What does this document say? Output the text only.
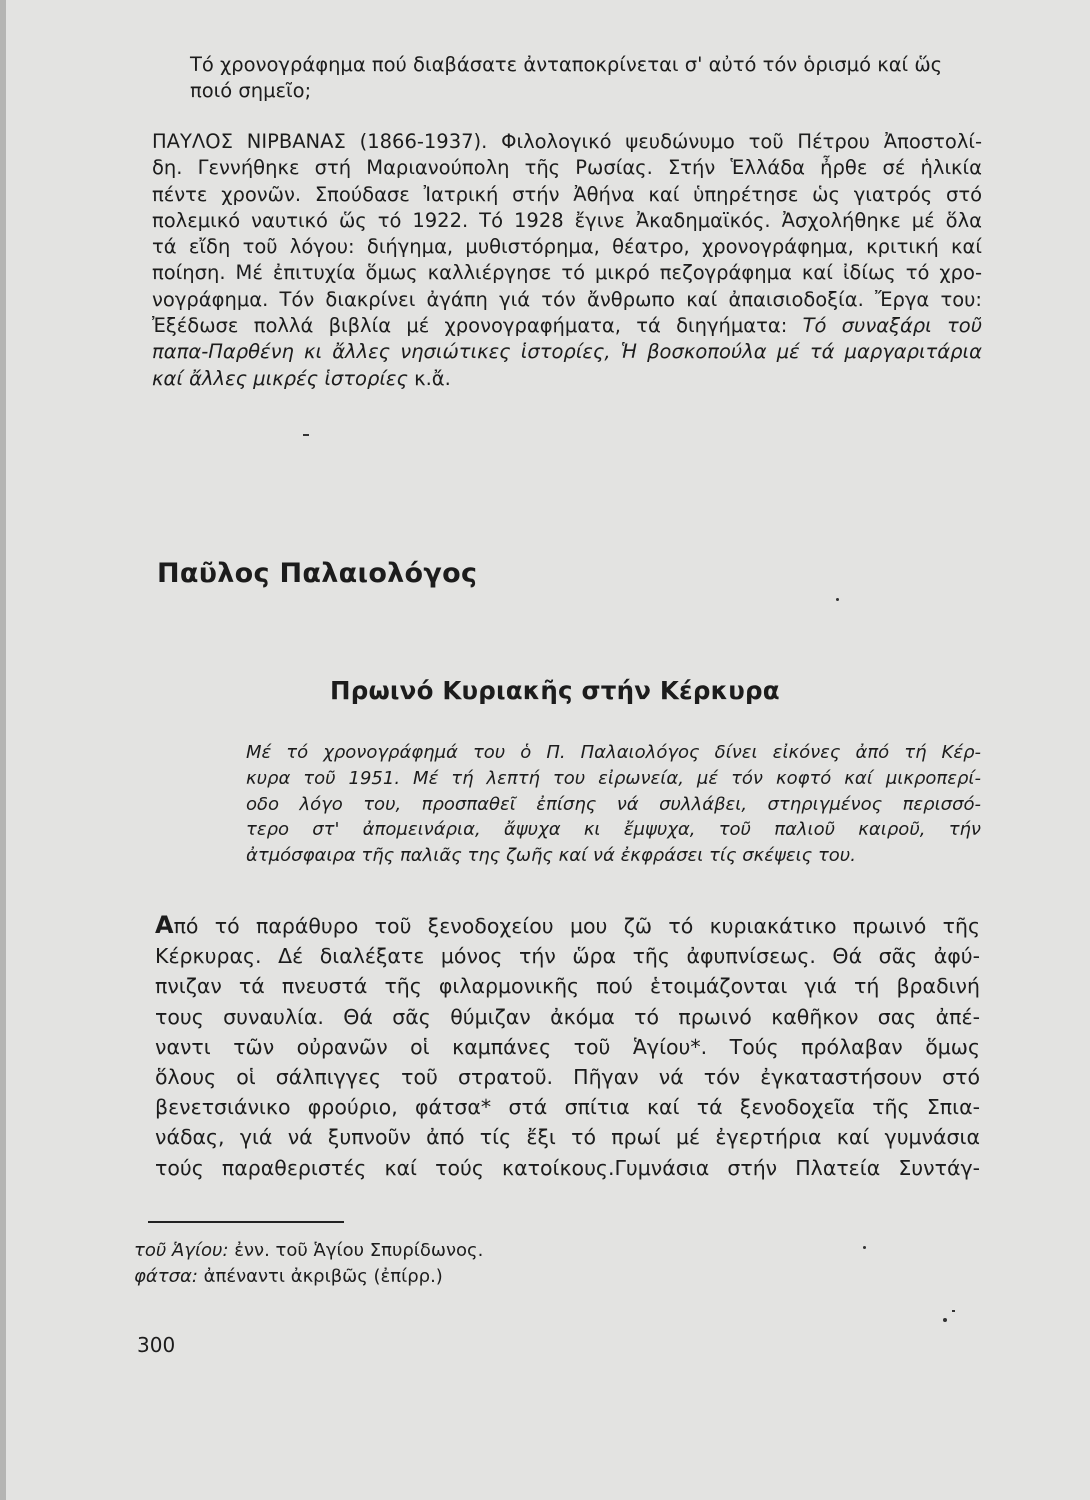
Τό χρονογράφημα πού διαβάσατε ἀνταποκρίνεται σ' αὐτό τόν ὁρισμό καί ὥς
ποιό σημεῖο;
ΠΑΥΛΟΣ ΝΙΡΒΑΝΑΣ (1866-1937). Φιλολογικό ψευδώνυμο τοῦ Πέτρου Ἀποστολί-
δη. Γεννήθηκε στή Μαριανούπολη τῆς Ρωσίας. Στήν Ἑλλάδα ἦρθε σέ ἡλικία
πέντε χρονῶν. Σπούδασε Ἰατρική στήν Ἀθήνα καί ὑπηρέτησε ὡς γιατρός στό
πολεμικό ναυτικό ὥς τό 1922. Τό 1928 ἔγινε Ἀκαδημαϊκός. Ἀσχολήθηκε μέ ὅλα
τά εἴδη τοῦ λόγου: διήγημα, μυθιστόρημα, θέατρο, χρονογράφημα, κριτική καί
ποίηση. Μέ ἐπιτυχία ὅμως καλλιέργησε τό μικρό πεζογράφημα καί ἰδίως τό χρο-
νογράφημα. Τόν διακρίνει ἀγάπη γιά τόν ἄνθρωπο καί ἀπαισιοδοξία. Ἔργα του:
Ἐξέδωσε πολλά βιβλία μέ χρονογραφήματα, τά διηγήματα: Τό συναξάρι τοῦ
παπα-Παρθένη κι ἄλλες νησιώτικες ἱστορίες, Ἡ βοσκοπούλα μέ τά μαργαριτάρια
καί ἄλλες μικρές ἱστορίες κ.ἄ.
Παῦλος Παλαιολόγος
Πρωινό Κυριακῆς στήν Κέρκυρα
Μέ τό χρονογράφημά του ὁ Π. Παλαιολόγος δίνει εἰκόνες ἀπό τή Κέρ-
κυρα τοῦ 1951. Μέ τή λεπτή του εἰρωνεία, μέ τόν κοφτό καί μικροπερί-
οδο λόγο του, προσπαθεῖ ἐπίσης νά συλλάβει, στηριγμένος περισσό-
τερο στ' ἀπομεινάρια, ἄψυχα κι ἔμψυχα, τοῦ παλιοῦ καιροῦ, τήν
ἀτμόσφαιρα τῆς παλιᾶς της ζωῆς καί νά ἐκφράσει τίς σκέψεις του.
Από τό παράθυρο τοῦ ξενοδοχείου μου ζῶ τό κυριακάτικο πρωινό τῆς
Κέρκυρας. Δέ διαλέξατε μόνος τήν ὥρα τῆς ἀφυπνίσεως. Θά σᾶς ἀφύ-
πνιζαν τά πνευστά τῆς φιλαρμονικῆς πού ἑτοιμάζονται γιά τή βραδινή
τους συναυλία. Θά σᾶς θύμιζαν ἀκόμα τό πρωινό καθῆκον σας ἀπέ-
ναντι τῶν οὐρανῶν οἱ καμπάνες τοῦ Ἁγίου*. Τούς πρόλαβαν ὅμως
ὅλους οἱ σάλπιγγες τοῦ στρατοῦ. Πῆγαν νά τόν ἐγκαταστήσουν στό
βενετσιάνικο φρούριο, φάτσα* στά σπίτια καί τά ξενοδοχεῖα τῆς Σπια-
νάδας, γιά νά ξυπνοῦν ἀπό τίς ἔξι τό πρωί μέ ἐγερτήρια καί γυμνάσια
τούς παραθεριστές καί τούς κατοίκους.Γυμνάσια στήν Πλατεία Συντάγ-
τοῦ Ἁγίου: ἐνν. τοῦ Ἁγίου Σπυρίδωνος.
φάτσα: ἀπέναντι ἀκριβῶς (ἐπίρρ.)
300
